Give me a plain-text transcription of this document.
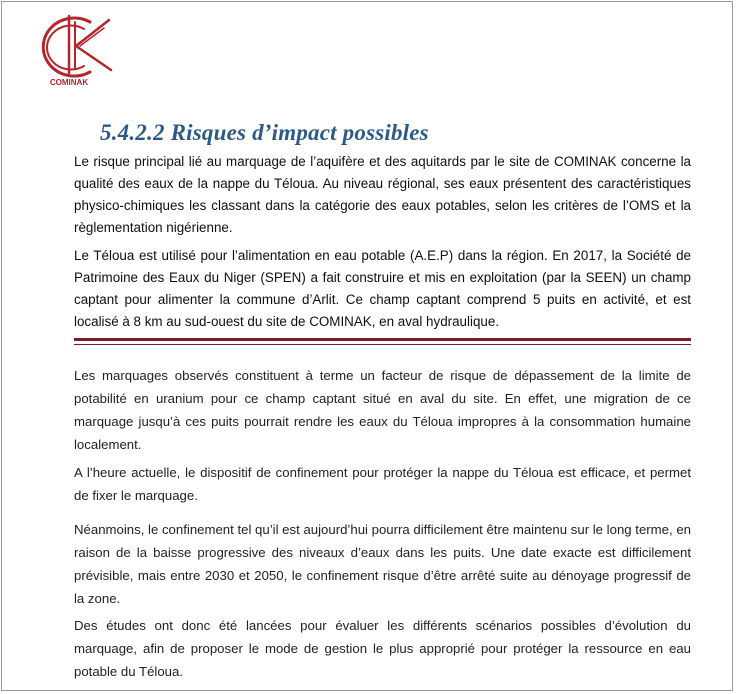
COMINAK
5.4.2.2 Risques d’impact possibles

Le risque principal lié au marquage de l’aquifère et des aquitards par le site de COMINAK concerne la qualité des eaux de la nappe du Téloua. Au niveau régional, ses eaux présentent des caractéristiques physico-chimiques les classant dans la catégorie des eaux potables, selon les critères de l’OMS et la règlementation nigérienne.

Le Téloua est utilisé pour l’alimentation en eau potable (A.E.P) dans la région. En 2017, la Société de Patrimoine des Eaux du Niger (SPEN) a fait construire et mis en exploitation (par la SEEN) un champ captant pour alimenter la commune d’Arlit. Ce champ captant comprend 5 puits en activité, et est localisé à 8 km au sud-ouest du site de COMINAK, en aval hydraulique.

Les marquages observés constituent à terme un facteur de risque de dépassement de la limite de potabilité en uranium pour ce champ captant situé en aval du site. En effet, une migration de ce marquage jusqu’à ces puits pourrait rendre les eaux du Téloua impropres à la consommation humaine localement.

A l’heure actuelle, le dispositif de confinement pour protéger la nappe du Téloua est efficace, et permet de fixer le marquage.

Néanmoins, le confinement tel qu’il est aujourd’hui pourra difficilement être maintenu sur le long terme, en raison de la baisse progressive des niveaux d’eaux dans les puits. Une date exacte est difficilement prévisible, mais entre 2030 et 2050, le confinement risque d’être arrêté suite au dénoyage progressif de la zone.

Des études ont donc été lancées pour évaluer les différents scénarios possibles d’évolution du marquage, afin de proposer le mode de gestion le plus approprié pour protéger la ressource en eau potable du Téloua.
